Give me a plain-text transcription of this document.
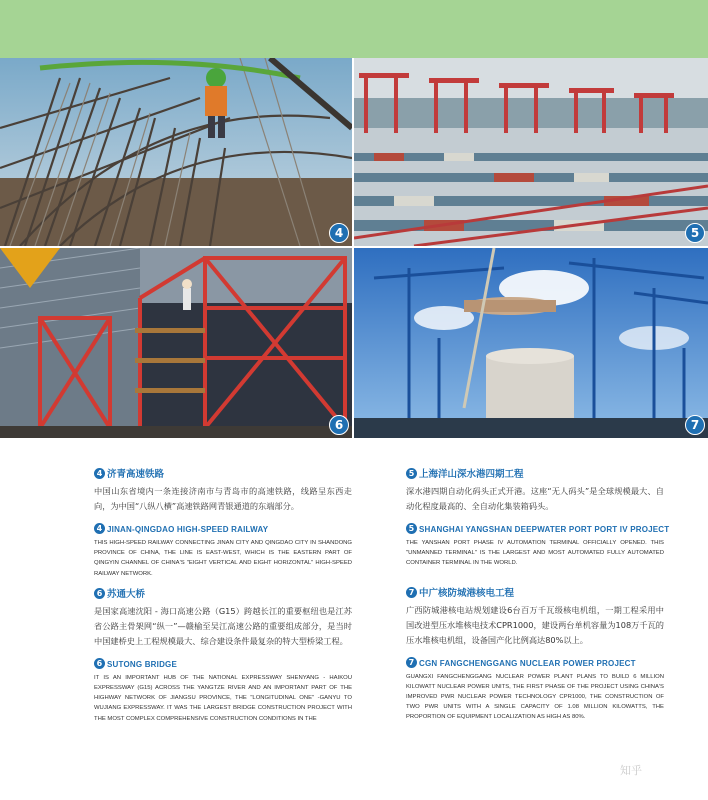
4	5
6	7
4 济青高速铁路
中国山东省境内一条连接济南市与青岛市的高速铁路，线路呈东西走向，为中国“八纵八横”高速铁路网青银通道的东端部分。
4 JINAN-QINGDAO HIGH-SPEED RAILWAY
THIS HIGH-SPEED RAILWAY CONNECTING JINAN CITY AND QINGDAO CITY IN SHANDONG PROVINCE OF CHINA, THE LINE IS EAST-WEST, WHICH IS THE EASTERN PART OF QINGYIN CHANNEL OF CHINA'S "EIGHT VERTICAL AND EIGHT HORIZONTAL" HIGH-SPEED RAILWAY NETWORK.
6 苏通大桥
是国家高速沈阳 - 海口高速公路（G15）跨越长江的重要枢纽也是江苏省公路主骨架网“纵一”—赣榆至吴江高速公路的重要组成部分，是当时中国建桥史上工程规模最大、综合建设条件最复杂的特大型桥梁工程。
6 SUTONG BRIDGE
IT IS AN IMPORTANT HUB OF THE NATIONAL EXPRESSWAY SHENYANG - HAIKOU EXPRESSWAY (G15) ACROSS THE YANGTZE RIVER AND AN IMPORTANT PART OF THE HIGHWAY NETWORK OF JIANGSU PROVINCE, THE "LONGITUDINAL ONE" -GANYU TO WUJIANG EXPRESSWAY. IT WAS THE LARGEST BRIDGE CONSTRUCTION PROJECT WITH THE MOST COMPLEX COMPREHENSIVE CONSTRUCTION CONDITIONS IN THE
5 上海洋山深水港四期工程
深水港四期自动化码头正式开港。这座“无人码头”是全球规模最大、自动化程度最高的、全自动化集装箱码头。
5 SHANGHAI YANGSHAN DEEPWATER PORT PORT IV PROJECT
THE YANSHAN PORT PHASE IV AUTOMATION TERMINAL OFFICIALLY OPENED. THIS "UNMANNED TERMINAL" IS THE LARGEST AND MOST AUTOMATED FULLY AUTOMATED CONTAINER TERMINAL IN THE WORLD.
7 中广核防城港核电工程
广西防城港核电站规划建设6台百万千瓦级核电机组，一期工程采用中国改进型压水堆核电技术CPR1000，建设两台单机容量为108万千瓦的压水堆核电机组，设备国产化比例高达80%以上。
7 CGN FANGCHENGGANG NUCLEAR POWER PROJECT
GUANGXI FANGCHENGGANG NUCLEAR POWER PLANT PLANS TO BUILD 6 MILLION KILOWATT NUCLEAR POWER UNITS, THE FIRST PHASE OF THE PROJECT USING CHINA'S IMPROVED PWR NUCLEAR POWER TECHNOLOGY CPR1000, THE CONSTRUCTION OF TWO PWR UNITS WITH A SINGLE CAPACITY OF 1.08 MILLION KILOWATTS, THE PROPORTION OF EQUIPMENT LOCALIZATION AS HIGH AS 80%.
知乎
